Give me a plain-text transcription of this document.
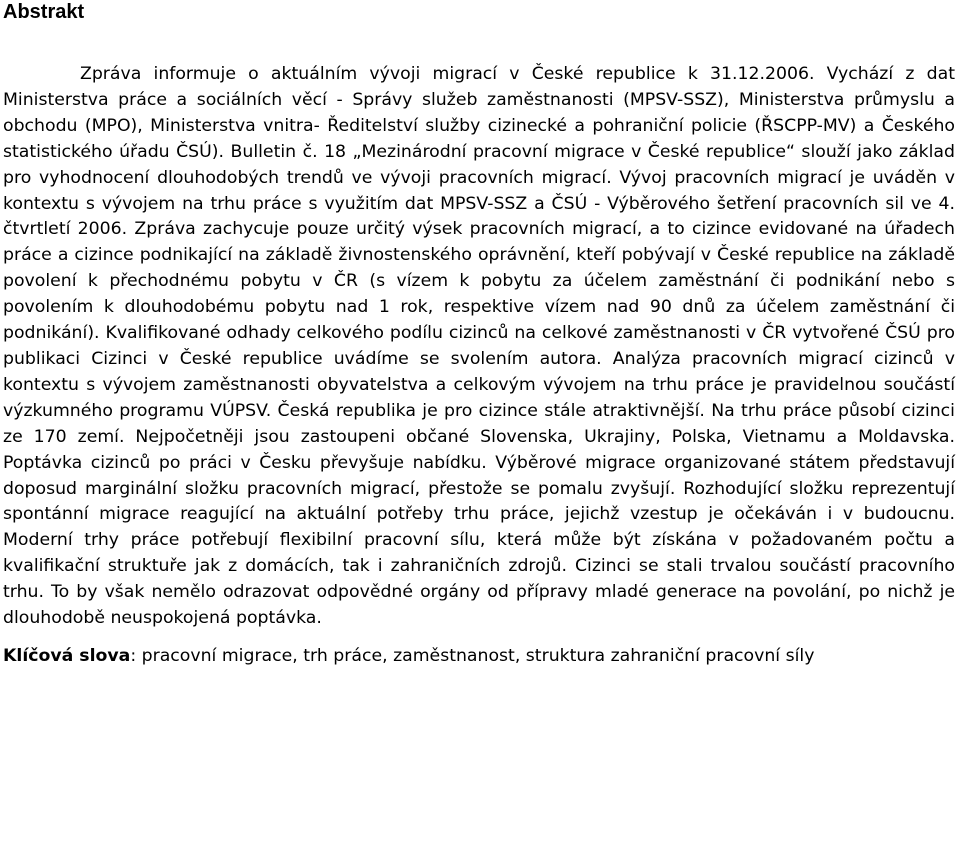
Abstrakt

Zpráva informuje o aktuálním vývoji migrací v České republice k 31.12.2006. Vychází z dat Ministerstva práce a sociálních věcí - Správy služeb zaměstnanosti (MPSV-SSZ), Ministerstva průmyslu a obchodu (MPO), Ministerstva vnitra- Ředitelství služby cizinecké a pohraniční policie (ŘSCPP-MV) a Českého statistického úřadu ČSÚ). Bulletin č. 18 „Mezinárodní pracovní migrace v České republice“ slouží jako základ pro vyhodnocení dlouhodobých trendů ve vývoji pracovních migrací. Vývoj pracovních migrací je uváděn v kontextu s vývojem na trhu práce s využitím dat MPSV-SSZ a ČSÚ - Výběrového šetření pracovních sil ve 4. čtvrtletí 2006. Zpráva zachycuje pouze určitý výsek pracovních migrací, a to cizince evidované na úřadech práce a cizince podnikající na základě živnostenského oprávnění, kteří pobývají v České republice na základě povolení k přechodnému pobytu v ČR (s vízem k pobytu za účelem zaměstnání či podnikání nebo s povolením k dlouhodobému pobytu nad 1 rok, respektive vízem nad 90 dnů za účelem zaměstnání či podnikání). Kvalifikované odhady celkového podílu cizinců na celkové zaměstnanosti v ČR vytvořené ČSÚ pro publikaci Cizinci v České republice uvádíme se svolením autora. Analýza pracovních migrací cizinců v kontextu s vývojem zaměstnanosti obyvatelstva a celkovým vývojem na trhu práce je pravidelnou součástí výzkumného programu VÚPSV. Česká republika je pro cizince stále atraktivnější. Na trhu práce působí cizinci ze 170 zemí. Nejpočetněji jsou zastoupeni občané Slovenska, Ukrajiny, Polska, Vietnamu a Moldavska. Poptávka cizinců po práci v Česku převyšuje nabídku. Výběrové migrace organizované státem představují doposud marginální složku pracovních migrací, přestože se pomalu zvyšují. Rozhodující složku reprezentují spontánní migrace reagující na aktuální potřeby trhu práce, jejichž vzestup je očekáván i v budoucnu. Moderní trhy práce potřebují flexibilní pracovní sílu, která může být získána v požadovaném počtu a kvalifikační struktuře jak z domácích, tak i zahraničních zdrojů. Cizinci se stali trvalou součástí pracovního trhu. To by však nemělo odrazovat odpovědné orgány od přípravy mladé generace na povolání, po nichž je dlouhodobě neuspokojená poptávka.

Klíčová slova: pracovní migrace, trh práce, zaměstnanost, struktura zahraniční pracovní síly
